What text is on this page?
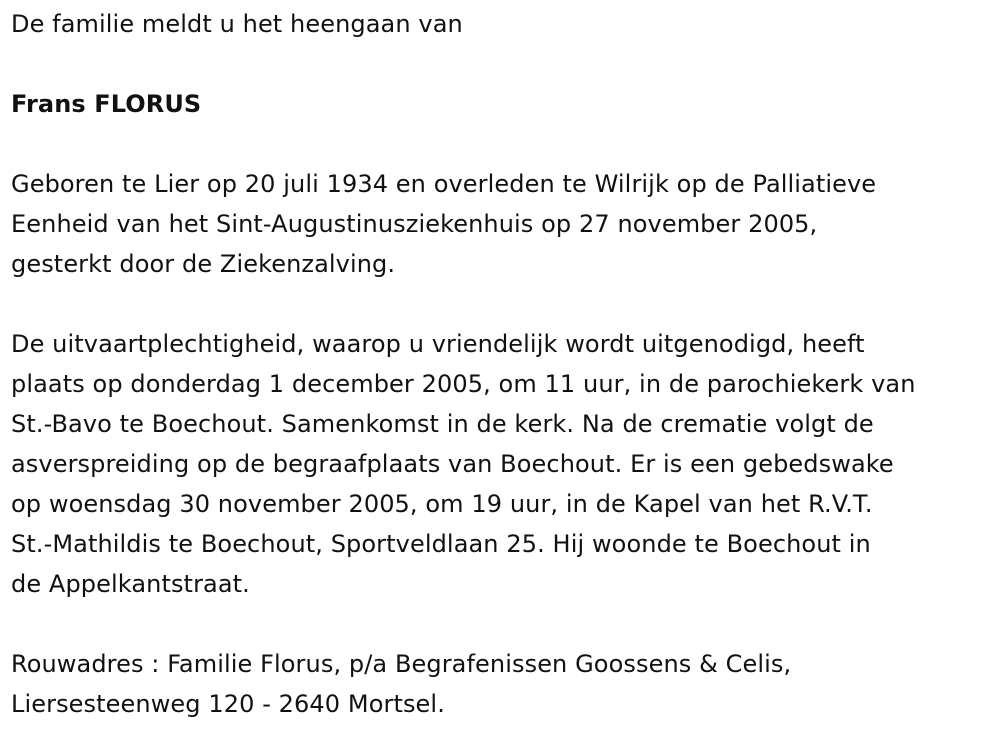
De familie meldt u het heengaan van
Frans FLORUS
Geboren te Lier op 20 juli 1934 en overleden te Wilrijk op de Palliatieve
Eenheid van het Sint-Augustinusziekenhuis op 27 november 2005,
gesterkt door de Ziekenzalving.
De uitvaartplechtigheid, waarop u vriendelijk wordt uitgenodigd, heeft
plaats op donderdag 1 december 2005, om 11 uur, in de parochiekerk van
St.-Bavo te Boechout. Samenkomst in de kerk. Na de crematie volgt de
asverspreiding op de begraafplaats van Boechout. Er is een gebedswake
op woensdag 30 november 2005, om 19 uur, in de Kapel van het R.V.T.
St.-Mathildis te Boechout, Sportveldlaan 25. Hij woonde te Boechout in
de Appelkantstraat.
Rouwadres : Familie Florus, p/a Begrafenissen Goossens & Celis,
Liersesteenweg 120 - 2640 Mortsel.
